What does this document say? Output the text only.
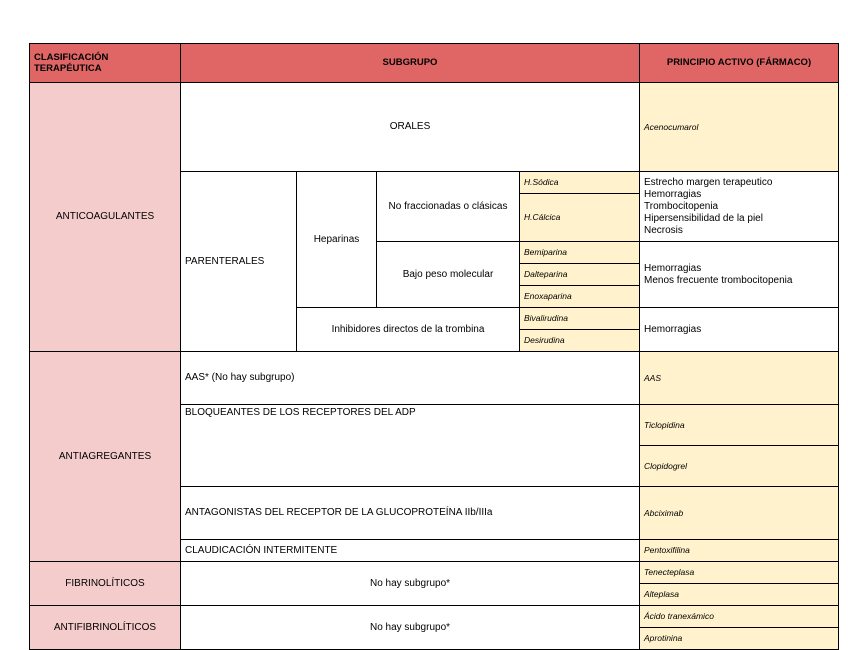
CLASIFICACIÓN TERAPÉUTICA	SUBGRUPO				PRINCIPIO ACTIVO (FÁRMACO)	
ANTICOAGULANTES	ORALES				Acenocumarol	

	PARENTERALES	Heparinas	No fraccionadas o clásicas	H.Sódica	Estrecho margen terapeutico
Hemorragias
Trombocitopenia
Hipersensibilidad de la piel
Necrosis	

				H.Cálcica		
			Bajo peso molecular	Bemiparina	Hemorragias
Menos frecuente trombocitopenia	

				Dalteparina		
				Enoxaparina		
		Inhibidores directos de la trombina		Bivalirudina	Hemorragias	

				Desirudina		

ANTIAGREGANTES	AAS* (No hay subgrupo)				AAS	
	BLOQUEANTES DE LOS RECEPTORES DEL ADP				Ticlopidina	
					Clopidogrel	
	ANTAGONISTAS DEL RECEPTOR DE LA GLUCOPROTEÍNA IIb/IIIa				Abciximab	
	CLAUDICACIÓN INTERMITENTE				Pentoxifilina	
FIBRINOLÍTICOS	No hay subgrupo*				Tenecteplasa	
					Alteplasa	
ANTIFIBRINOLÍTICOS	No hay subgrupo*				Ácido tranexámico	
					Aprotinina	
